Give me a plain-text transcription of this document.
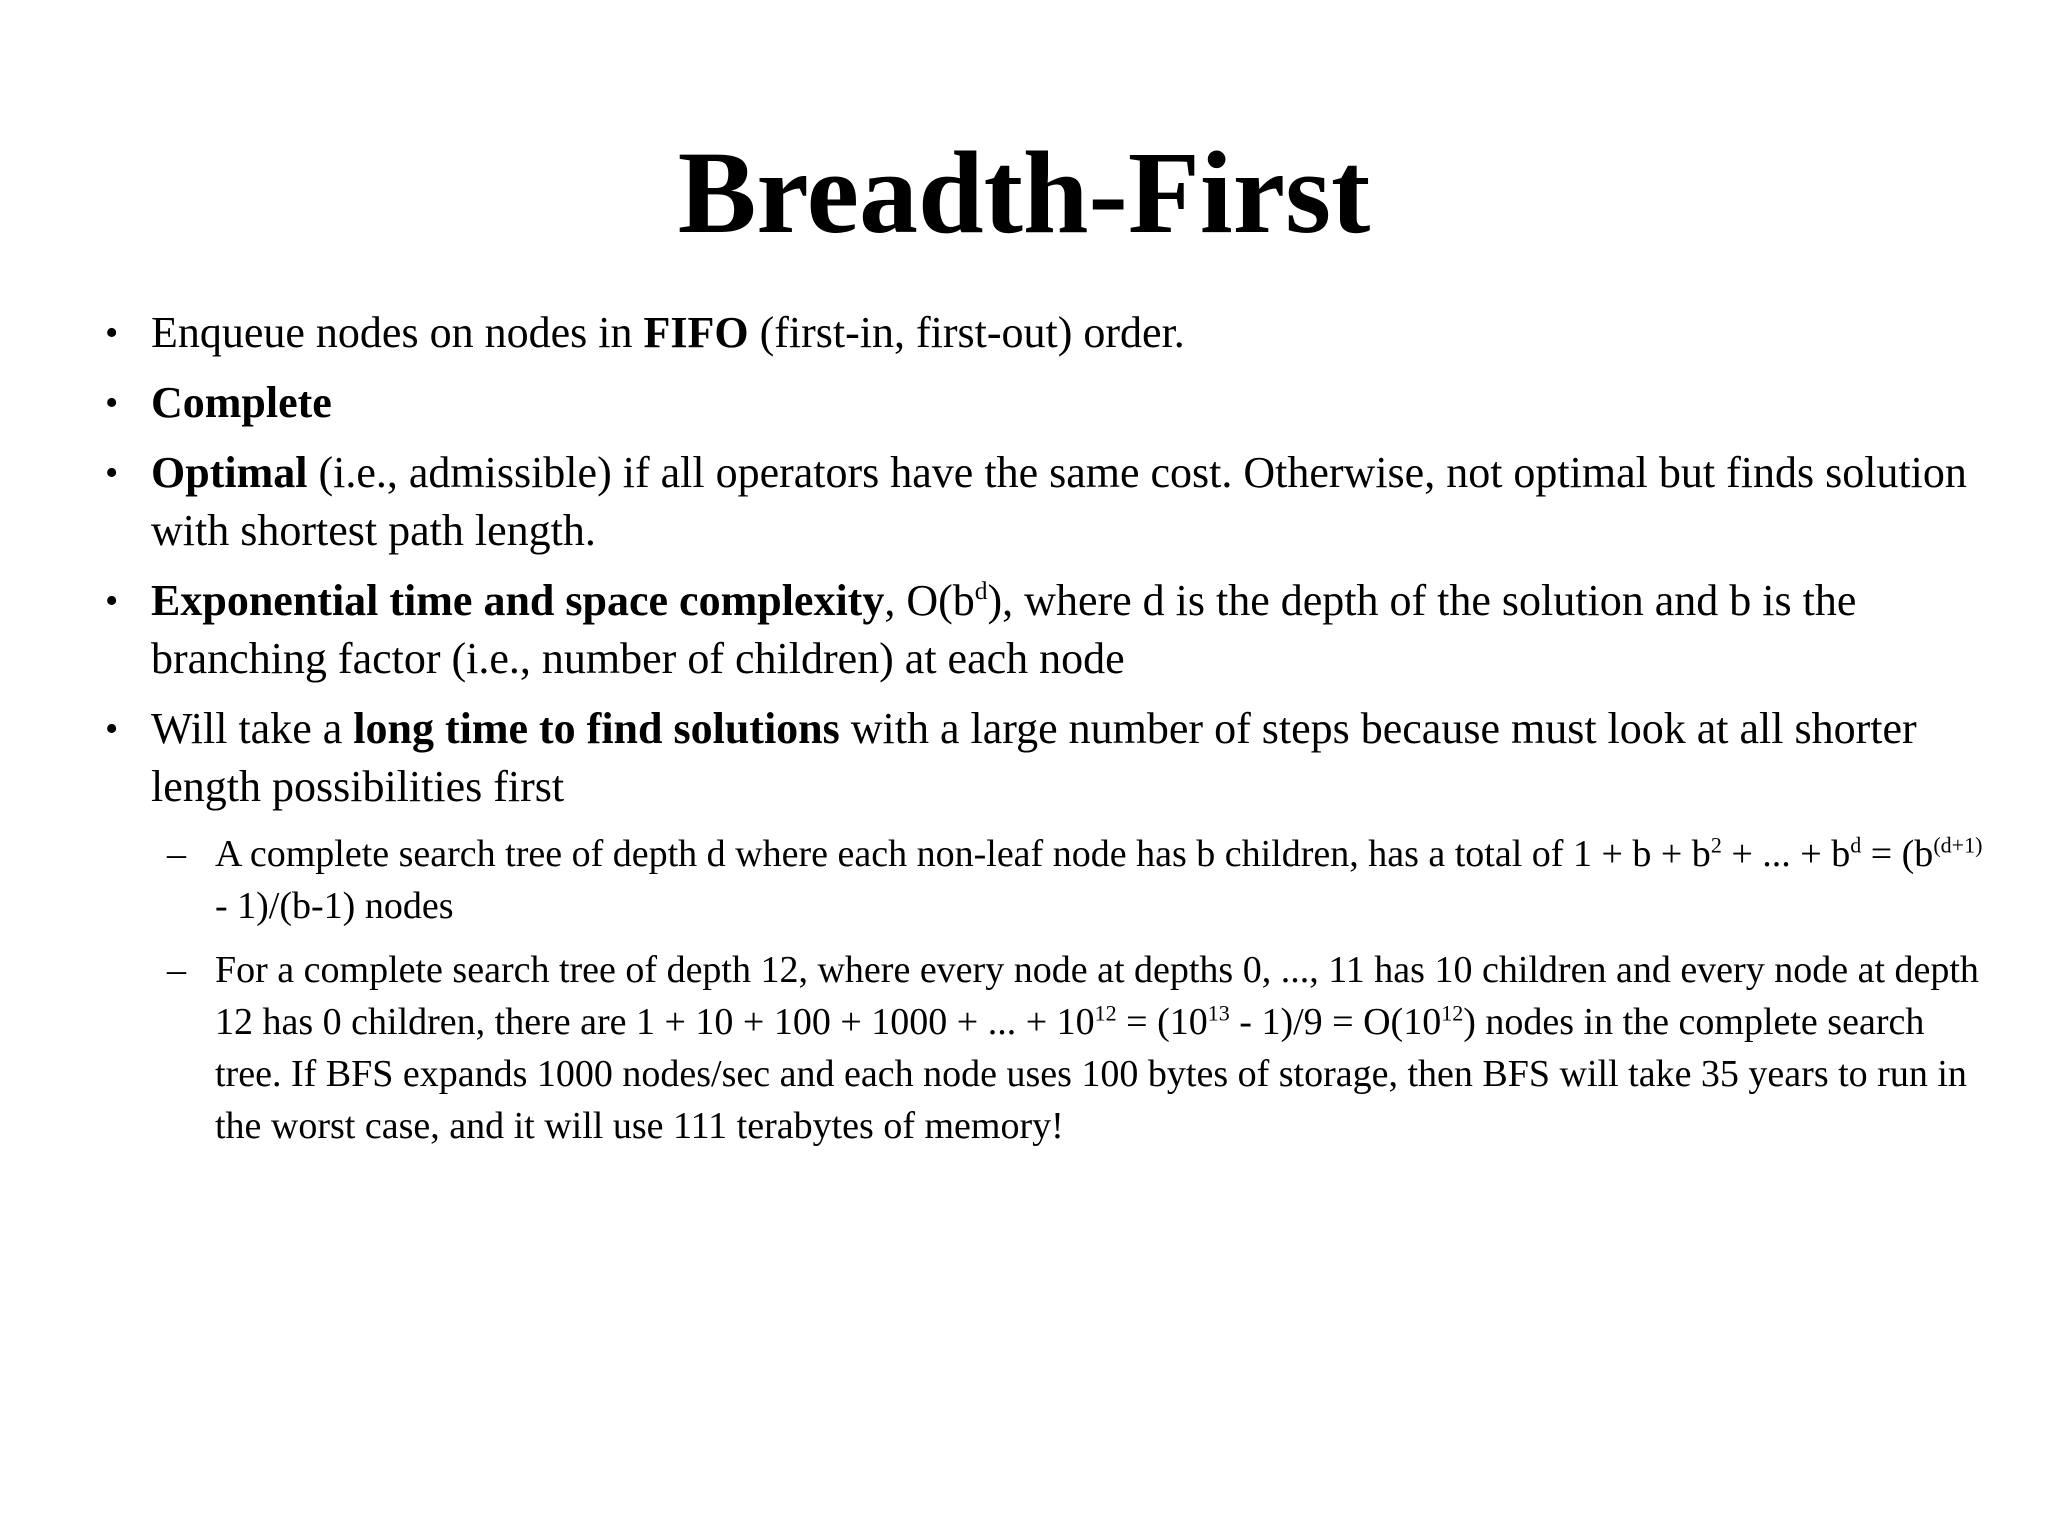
Breadth-First
• Enqueue nodes on nodes in FIFO (first-in, first-out) order.
• Complete
• Optimal (i.e., admissible) if all operators have the same cost. Otherwise, not optimal but finds solution with shortest path length.
• Exponential time and space complexity, $O(b^d)$, where d is the depth of the solution and b is the branching factor (i.e., number of children) at each node
• Will take a long time to find solutions with a large number of steps because must look at all shorter length possibilities first
– A complete search tree of depth d where each non-leaf node has b children, has a total of $1 + b + b^2$ + ... + $b^d = (b^{(d+1)} - 1)/(b-1)$ nodes
– For a complete search tree of depth 12, where every node at depths 0, ..., 11 has 10 children and every node at depth 12 has 0 children, there are 1 + 10 + 100 + 1000 + ... + $10^{12} = (10^{13} - 1)/9 = O(10^{12})$ nodes in the complete search tree. If BFS expands 1000 nodes/sec and each node uses 100 bytes of storage, then BFS will take 35 years to run in the worst case, and it will use 111 terabytes of memory!
